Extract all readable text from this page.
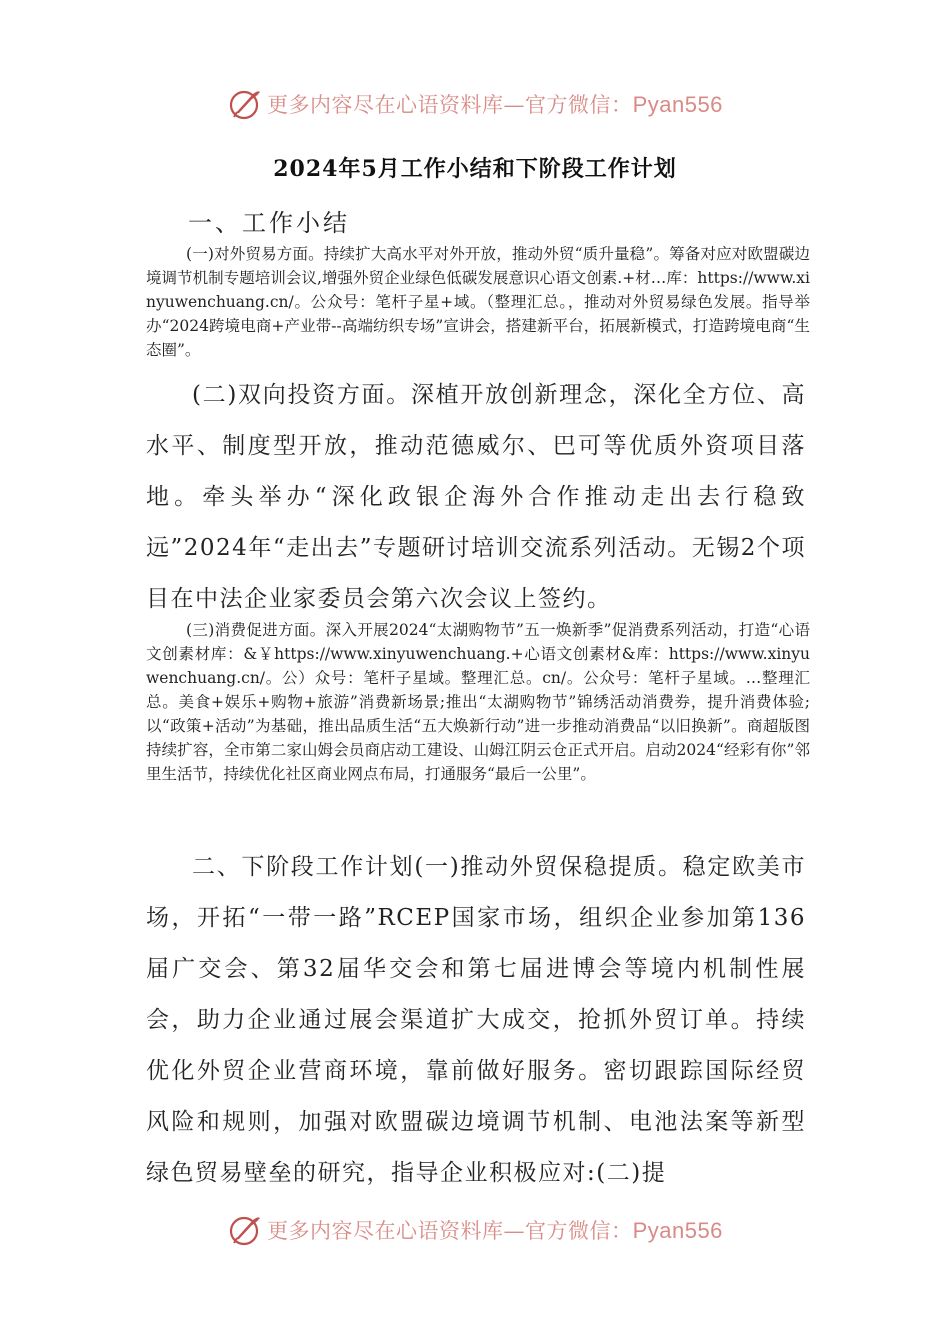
更多内容尽在心语资料库—官方微信：Pyan556
2024年5月工作小结和下阶段工作计划
一、工作小结

(一)对外贸易方面。持续扩大高水平对外开放，推动外贸“质升量稳”。筹备对应对欧盟碳边境调节机制专题培训会议,增强外贸企业绿色低碳发展意识心语文创素.+材…库：https://www.xinyuwenchuang.cn/。公众号：笔杆子星+域。（整理汇总。，推动对外贸易绿色发展。指导举办“2024跨境电商+产业带--高端纺织专场”宣讲会，搭建新平台，拓展新模式，打造跨境电商“生态圈”。

(二)双向投资方面。深植开放创新理念，深化全方位、高水平、制度型开放，推动范德威尔、巴可等优质外资项目落地。牵头举办“深化政银企海外合作推动走出去行稳致远”2024年“走出去”专题研讨培训交流系列活动。无锡2个项目在中法企业家委员会第六次会议上签约。

(三)消费促进方面。深入开展2024“太湖购物节”五一焕新季”促消费系列活动，打造“心语文创素材库：&￥https://www.xinyuwenchuang.+心语文创素材&库：https://www.xinyuwenchuang.cn/。公）众号：笔杆子星域。整理汇总。cn/。公众号：笔杆子星域。…整理汇总。美食+娱乐+购物+旅游”消费新场景;推出“太湖购物节”锦绣活动消费券，提升消费体验;以“政策+活动”为基础，推出品质生活“五大焕新行动”进一步推动消费品“以旧换新”。商超版图持续扩容，全市第二家山姆会员商店动工建设、山姆江阴云仓正式开启。启动2024“经彩有你”邻里生活节，持续优化社区商业网点布局，打通服务“最后一公里”。

二、下阶段工作计划(一)推动外贸保稳提质。稳定欧美市场，开拓“一带一路”RCEP国家市场，组织企业参加第136届广交会、第32届华交会和第七届进博会等境内机制性展会，助力企业通过展会渠道扩大成交，抢抓外贸订单。持续优化外贸企业营商环境，靠前做好服务。密切跟踪国际经贸风险和规则，加强对欧盟碳边境调节机制、电池法案等新型绿色贸易壁垒的研究，指导企业积极应对:(二)提

更多内容尽在心语资料库—官方微信：Pyan556
